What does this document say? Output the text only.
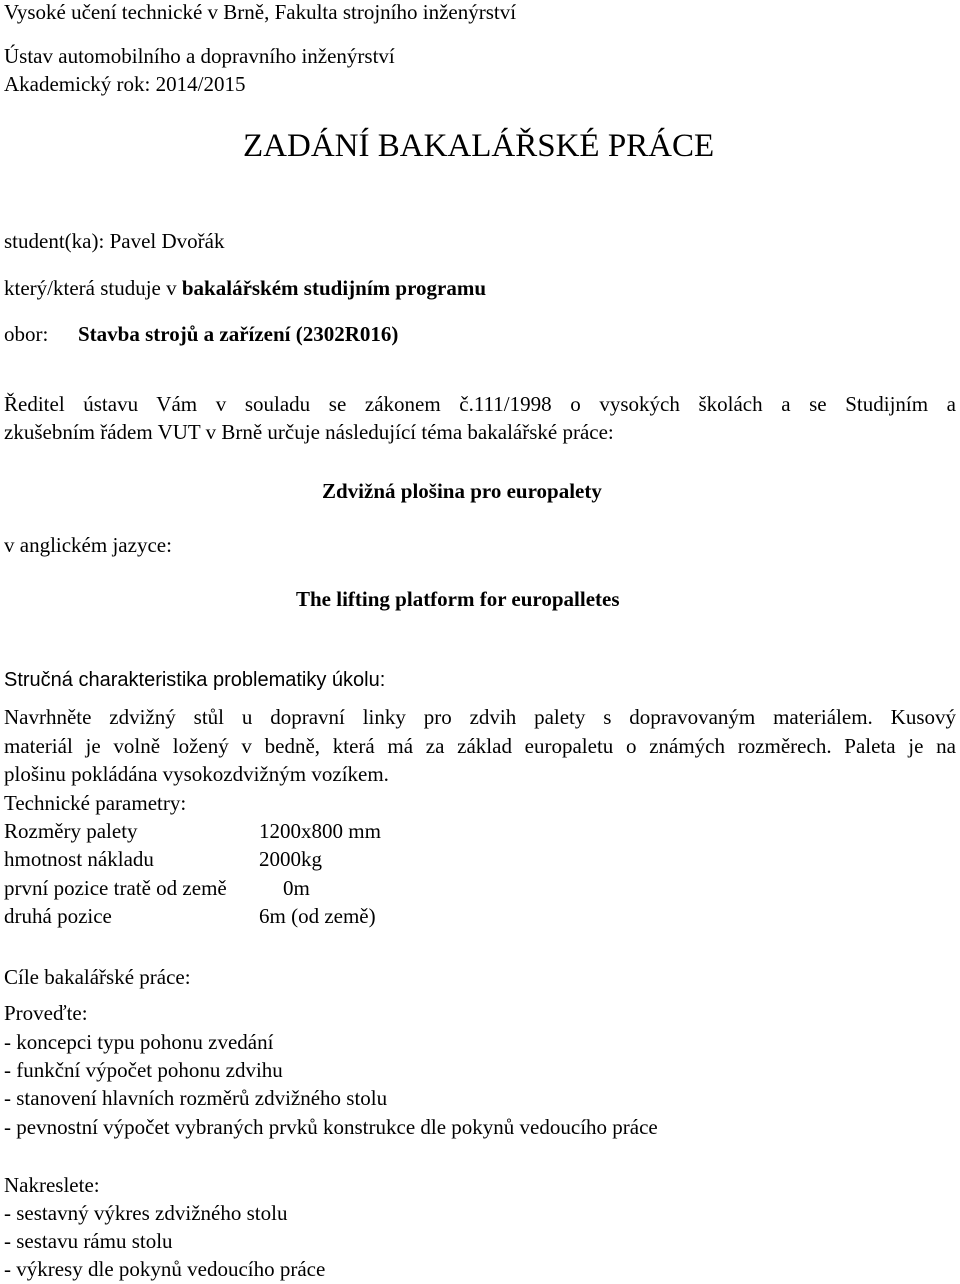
Vysoké učení technické v Brně, Fakulta strojního inženýrství
Ústav automobilního a dopravního inženýrství
Akademický rok: 2014/2015
ZADÁNÍ BAKALÁŘSKÉ PRÁCE
student(ka): Pavel Dvořák
který/která studuje v bakalářském studijním programu
obor: Stavba strojů a zařízení (2302R016)
Ředitel ústavu Vám v souladu se zákonem č.111/1998 o vysokých školách a se Studijním a
zkušebním řádem VUT v Brně určuje následující téma bakalářské práce:
Zdvižná plošina pro europalety
v anglickém jazyce:
The lifting platform for europalletes
Stručná charakteristika problematiky úkolu:
Navrhněte zdvižný stůl u dopravní linky pro zdvih palety s dopravovaným materiálem. Kusový
materiál je volně ložený v bedně, která má za základ europaletu o známých rozměrech. Paleta je na
plošinu pokládána vysokozdvižným vozíkem.
Technické parametry:
Rozměry palety	1200x800 mm
hmotnost nákladu	2000kg
první pozice tratě od země	0m
druhá pozice	6m (od země)
Cíle bakalářské práce:
Proveďte:
- koncepci typu pohonu zvedání
- funkční výpočet pohonu zdvihu
- stanovení hlavních rozměrů zdvižného stolu
- pevnostní výpočet vybraných prvků konstrukce dle pokynů vedoucího práce
Nakreslete:
- sestavný výkres zdvižného stolu
- sestavu rámu stolu
- výkresy dle pokynů vedoucího práce
